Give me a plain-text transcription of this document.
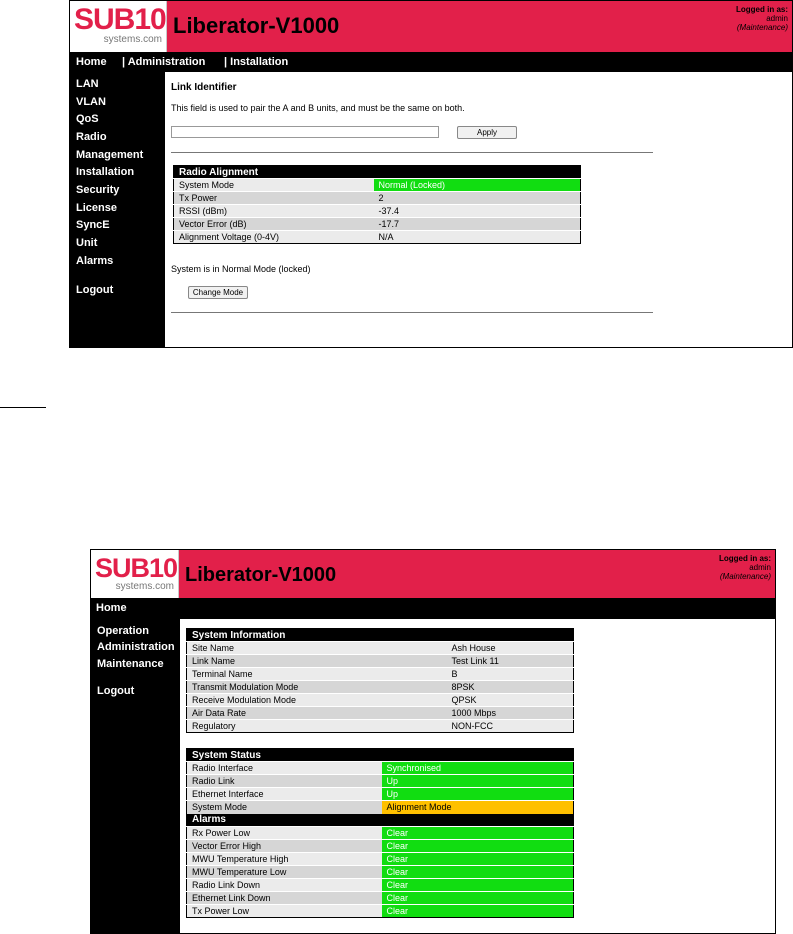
SUB10
systems.com
Liberator-V1000
Logged in as:
admin
(Maintenance)
Home | Administration | Installation
LAN
VLAN
QoS
Radio
Management
Installation
Security
License
SyncE
Unit
Alarms
Logout
Link Identifier
This field is used to pair the A and B units, and must be the same on both.
Apply
Radio Alignment	
System Mode	Normal (Locked)
Tx Power	2
RSSI (dBm)	-37.4
Vector Error (dB)	-17.7
Alignment Voltage (0-4V)	N/A
System is in Normal Mode (locked)
Change Mode
SUB10
systems.com
Liberator-V1000
Logged in as:
admin
(Maintenance)
Home
Operation
Administration
Maintenance
Logout
System Information	
Site Name	Ash House
Link Name	Test Link 11
Terminal Name	B
Transmit Modulation Mode	8PSK
Receive Modulation Mode	QPSK
Air Data Rate	1000 Mbps
Regulatory	NON-FCC
System Status	
Radio Interface	Synchronised
Radio Link	Up
Ethernet Interface	Up
System Mode	Alignment Mode
Alarms	
Rx Power Low	Clear
Vector Error High	Clear
MWU Temperature High	Clear
MWU Temperature Low	Clear
Radio Link Down	Clear
Ethernet Link Down	Clear
Tx Power Low	Clear
